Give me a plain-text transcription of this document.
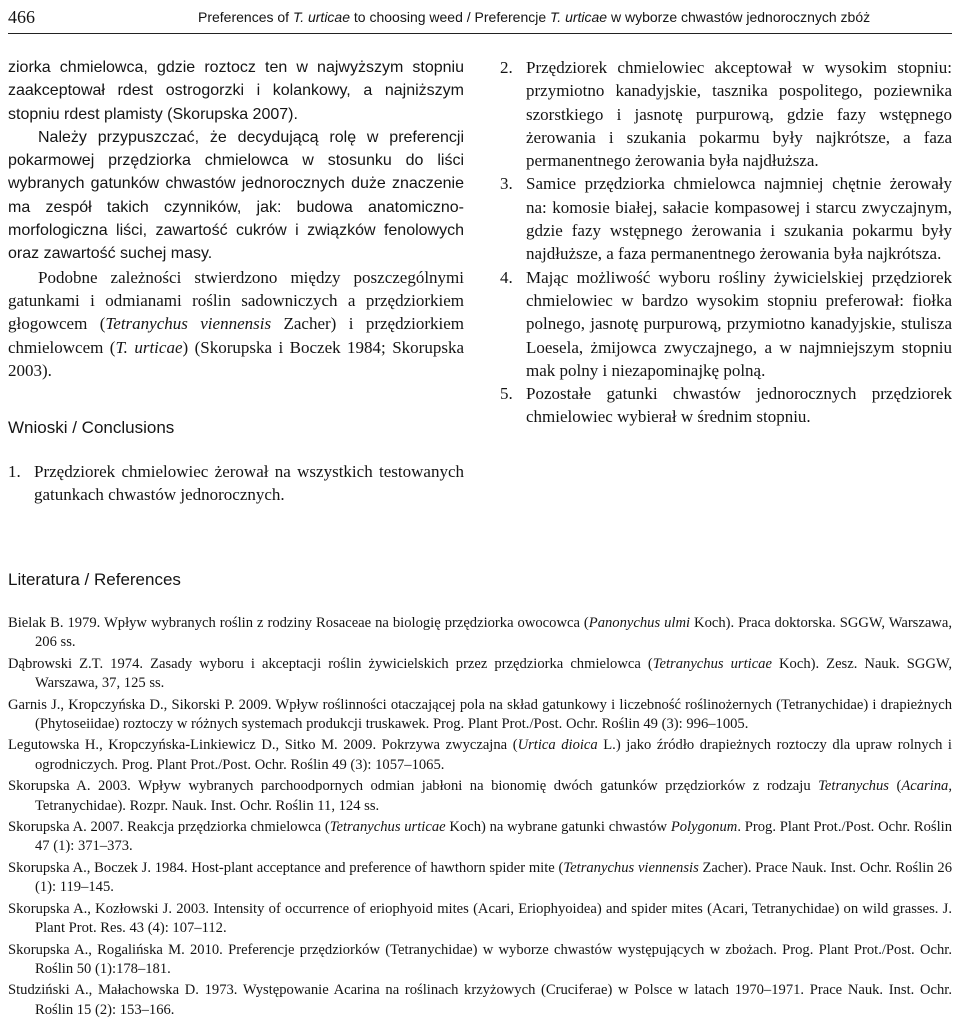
466	Preferences of T. urticae to choosing weed / Preferencje T. urticae w wyborze chwastów jednorocznych zbóż

ziorka chmielowca, gdzie roztocz ten w najwyższym stopniu zaakceptował rdest ostrogorzki i kolankowy, a najniższym stopniu rdest plamisty (Skorupska 2007).

Należy przypuszczać, że decydującą rolę w preferencji pokarmowej przędziorka chmielowca w stosunku do liści wybranych gatunków chwastów jednorocznych duże znaczenie ma zespół takich czynników, jak: budowa anatomiczno-morfologiczna liści, zawartość cukrów i związków fenolowych oraz zawartość suchej masy.

Podobne zależności stwierdzono między poszczególnymi gatunkami i odmianami roślin sadowniczych a przędziorkiem głogowcem (Tetranychus viennensis Zacher) i przędziorkiem chmielowcem (T. urticae) (Skorupska i Boczek 1984; Skorupska 2003).

Wnioski / Conclusions
1. Przędziorek chmielowiec żerował na wszystkich testowanych gatunkach chwastów jednorocznych.
2. Przędziorek chmielowiec akceptował w wysokim stopniu: przymiotno kanadyjskie, tasznika pospolitego, poziewnika szorstkiego i jasnotę purpurową, gdzie fazy wstępnego żerowania i szukania pokarmu były najkrótsze, a faza permanentnego żerowania była najdłuższa.
3. Samice przędziorka chmielowca najmniej chętnie żerowały na: komosie białej, sałacie kompasowej i starcu zwyczajnym, gdzie fazy wstępnego żerowania i szukania pokarmu były najdłuższe, a faza permanentnego żerowania była najkrótsza.
4. Mając możliwość wyboru rośliny żywicielskiej przędziorek chmielowiec w bardzo wysokim stopniu preferował: fiołka polnego, jasnotę purpurową, przymiotno kanadyjskie, stulisza Loesela, żmijowca zwyczajnego, a w najmniejszym stopniu mak polny i niezapominajkę polną.
5. Pozostałe gatunki chwastów jednorocznych przędziorek chmielowiec wybierał w średnim stopniu.
Literatura / References

Bielak B. 1979. Wpływ wybranych roślin z rodziny Rosaceae na biologię przędziorka owocowca (Panonychus ulmi Koch). Praca doktorska. SGGW, Warszawa, 206 ss.

Dąbrowski Z.T. 1974. Zasady wyboru i akceptacji roślin żywicielskich przez przędziorka chmielowca (Tetranychus urticae Koch). Zesz. Nauk. SGGW, Warszawa, 37, 125 ss.

Garnis J., Kropczyńska D., Sikorski P. 2009. Wpływ roślinności otaczającej pola na skład gatunkowy i liczebność roślinożernych (Tetranychidae) i drapieżnych (Phytoseiidae) roztoczy w różnych systemach produkcji truskawek. Prog. Plant Prot./Post. Ochr. Roślin 49 (3): 996–1005.

Legutowska H., Kropczyńska-Linkiewicz D., Sitko M. 2009. Pokrzywa zwyczajna (Urtica dioica L.) jako źródło drapieżnych roztoczy dla upraw rolnych i ogrodniczych. Prog. Plant Prot./Post. Ochr. Roślin 49 (3): 1057–1065.

Skorupska A. 2003. Wpływ wybranych parchoodpornych odmian jabłoni na bionomię dwóch gatunków przędziorków z rodzaju Tetranychus (Acarina, Tetranychidae). Rozpr. Nauk. Inst. Ochr. Roślin 11, 124 ss.

Skorupska A. 2007. Reakcja przędziorka chmielowca (Tetranychus urticae Koch) na wybrane gatunki chwastów Polygonum. Prog. Plant Prot./Post. Ochr. Roślin 47 (1): 371–373.

Skorupska A., Boczek J. 1984. Host-plant acceptance and preference of hawthorn spider mite (Tetranychus viennensis Zacher). Prace Nauk. Inst. Ochr. Roślin 26 (1): 119–145.

Skorupska A., Kozłowski J. 2003. Intensity of occurrence of eriophyoid mites (Acari, Eriophyoidea) and spider mites (Acari, Tetranychidae) on wild grasses. J. Plant Prot. Res. 43 (4): 107–112.

Skorupska A., Rogalińska M. 2010. Preferencje przędziorków (Tetranychidae) w wyborze chwastów występujących w zbożach. Prog. Plant Prot./Post. Ochr. Roślin 50 (1):178–181.

Studziński A., Małachowska D. 1973. Występowanie Acarina na roślinach krzyżowych (Cruciferae) w Polsce w latach 1970–1971. Prace Nauk. Inst. Ochr. Roślin 15 (2): 153–166.
